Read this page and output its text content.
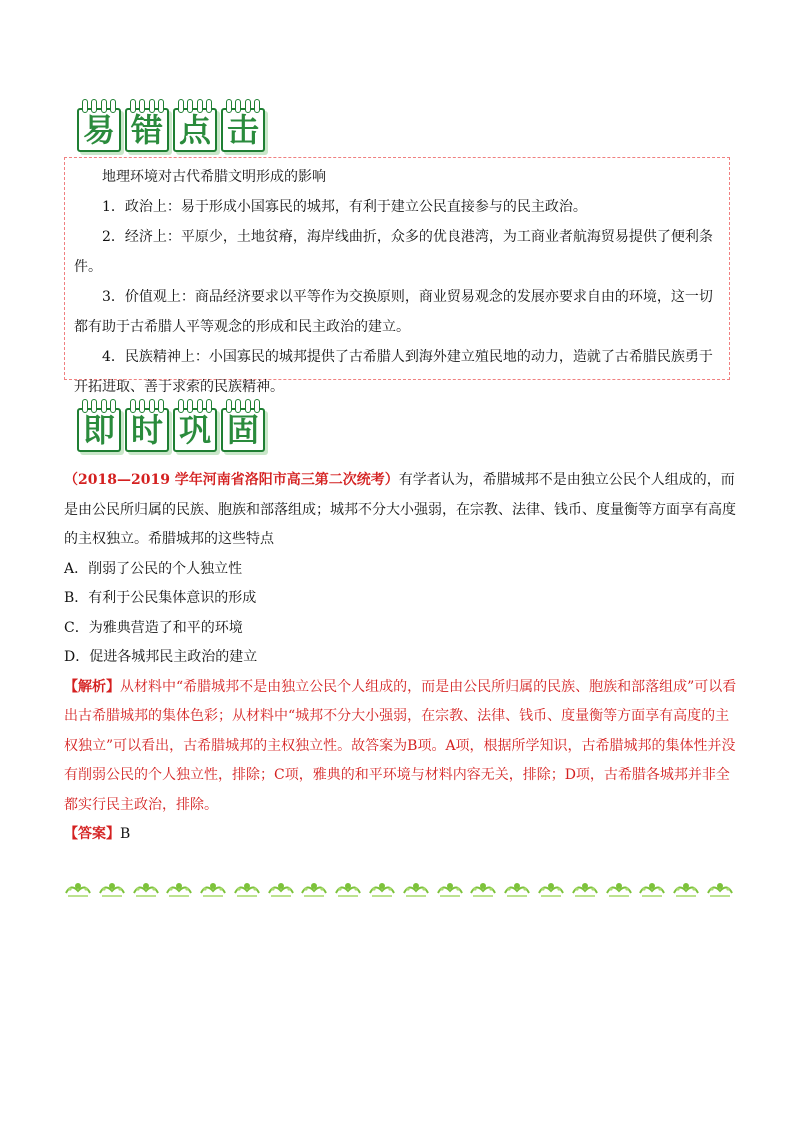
易 错 点 击

地理环境对古代希腊文明形成的影响

1．政治上：易于形成小国寡民的城邦，有利于建立公民直接参与的民主政治。

2．经济上：平原少，土地贫瘠，海岸线曲折，众多的优良港湾，为工商业者航海贸易提供了便利条件。

3．价值观上：商品经济要求以平等作为交换原则，商业贸易观念的发展亦要求自由的环境，这一切都有助于古希腊人平等观念的形成和民主政治的建立。

4．民族精神上：小国寡民的城邦提供了古希腊人到海外建立殖民地的动力，造就了古希腊民族勇于开拓进取、善于求索的民族精神。

即 时 巩 固

（2018—2019 学年河南省洛阳市高三第二次统考）有学者认为，希腊城邦不是由独立公民个人组成的，而是由公民所归属的民族、胞族和部落组成；城邦不分大小强弱，在宗教、法律、钱币、度量衡等方面享有高度的主权独立。希腊城邦的这些特点

A．削弱了公民的个人独立性

B．有利于公民集体意识的形成

C．为雅典营造了和平的环境

D．促进各城邦民主政治的建立

【解析】从材料中“希腊城邦不是由独立公民个人组成的，而是由公民所归属的民族、胞族和部落组成”可以看出古希腊城邦的集体色彩；从材料中“城邦不分大小强弱，在宗教、法律、钱币、度量衡等方面享有高度的主权独立”可以看出，古希腊城邦的主权独立性。故答案为B项。A项，根据所学知识，古希腊城邦的集体性并没有削弱公民的个人独立性，排除；C项，雅典的和平环境与材料内容无关，排除；D项，古希腊各城邦并非全都实行民主政治，排除。

【答案】B
